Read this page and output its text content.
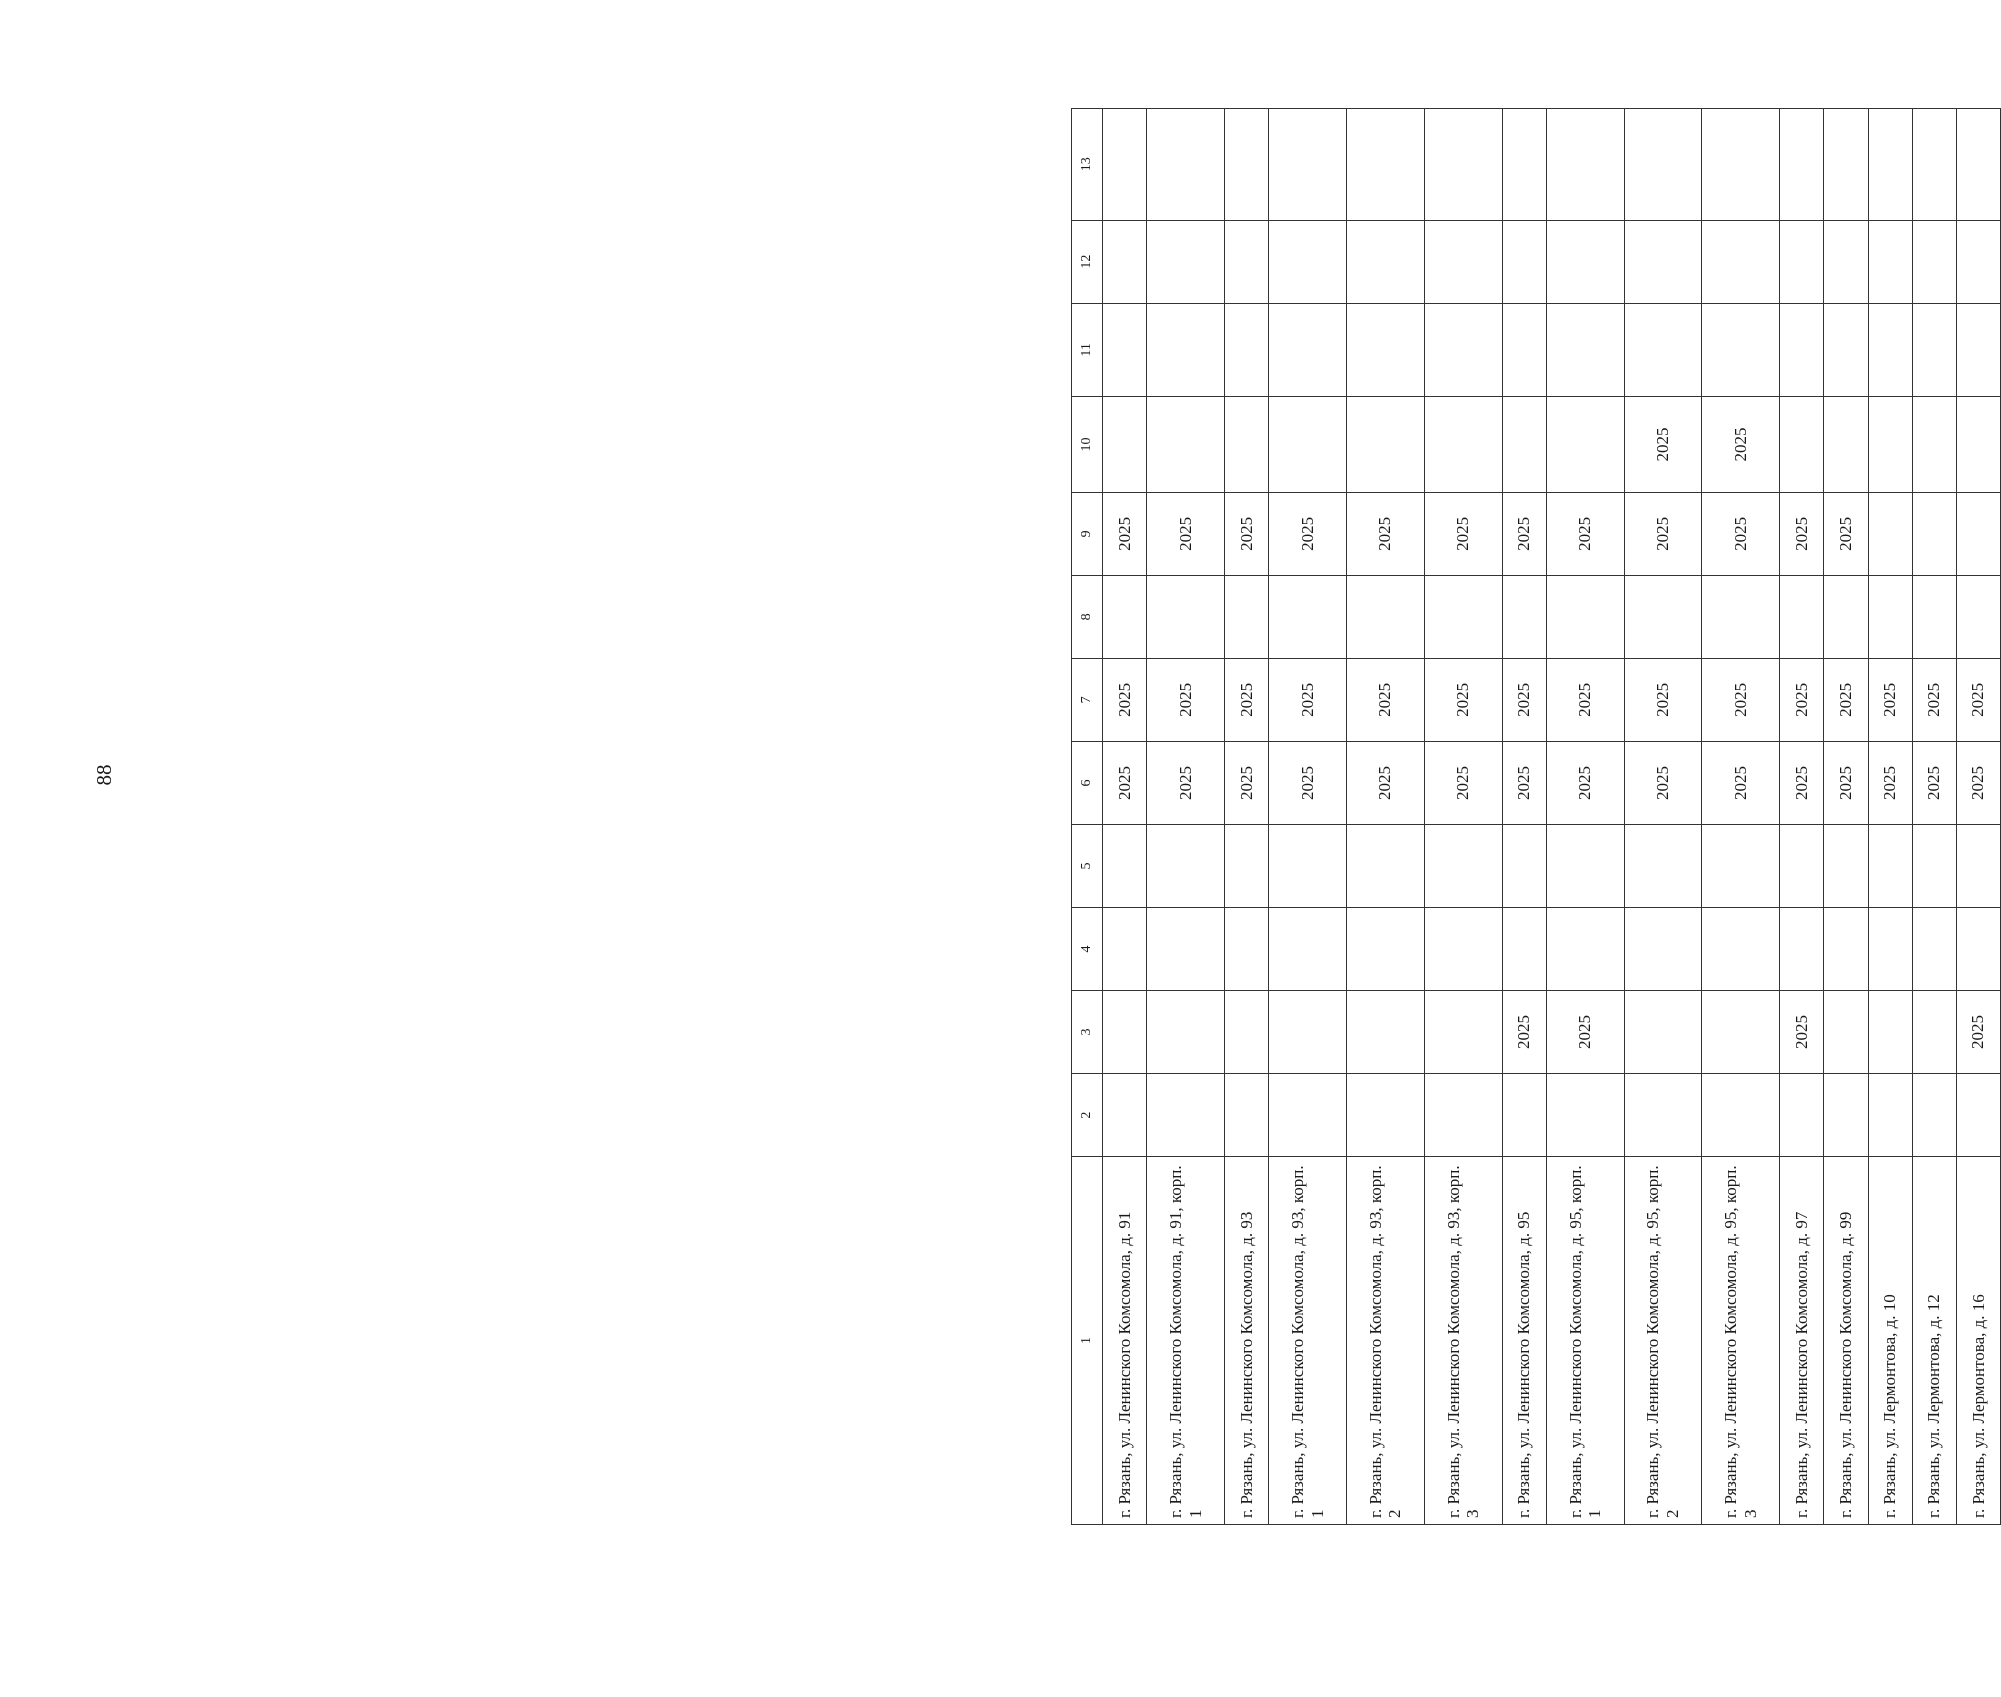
88
1	2	3	4	5	6	7	8	9	10	11	12	13
г. Рязань, ул. Ленинского Комсомола, д. 91					2025	2025		2025				
г. Рязань, ул. Ленинского Комсомола, д. 91, корп. 1					2025	2025		2025				
г. Рязань, ул. Ленинского Комсомола, д. 93					2025	2025		2025				
г. Рязань, ул. Ленинского Комсомола, д. 93, корп. 1					2025	2025		2025				
г. Рязань, ул. Ленинского Комсомола, д. 93, корп. 2					2025	2025		2025				
г. Рязань, ул. Ленинского Комсомола, д. 93, корп. 3					2025	2025		2025				
г. Рязань, ул. Ленинского Комсомола, д. 95		2025			2025	2025		2025				
г. Рязань, ул. Ленинского Комсомола, д. 95, корп. 1		2025			2025	2025		2025				
г. Рязань, ул. Ленинского Комсомола, д. 95, корп. 2					2025	2025		2025	2025			
г. Рязань, ул. Ленинского Комсомола, д. 95, корп. 3					2025	2025		2025	2025			
г. Рязань, ул. Ленинского Комсомола, д. 97		2025			2025	2025		2025				
г. Рязань, ул. Ленинского Комсомола, д. 99					2025	2025		2025				
г. Рязань, ул. Лермонтова, д. 10					2025	2025						
г. Рязань, ул. Лермонтова, д. 12					2025	2025						
г. Рязань, ул. Лермонтова, д. 16		2025			2025	2025						
